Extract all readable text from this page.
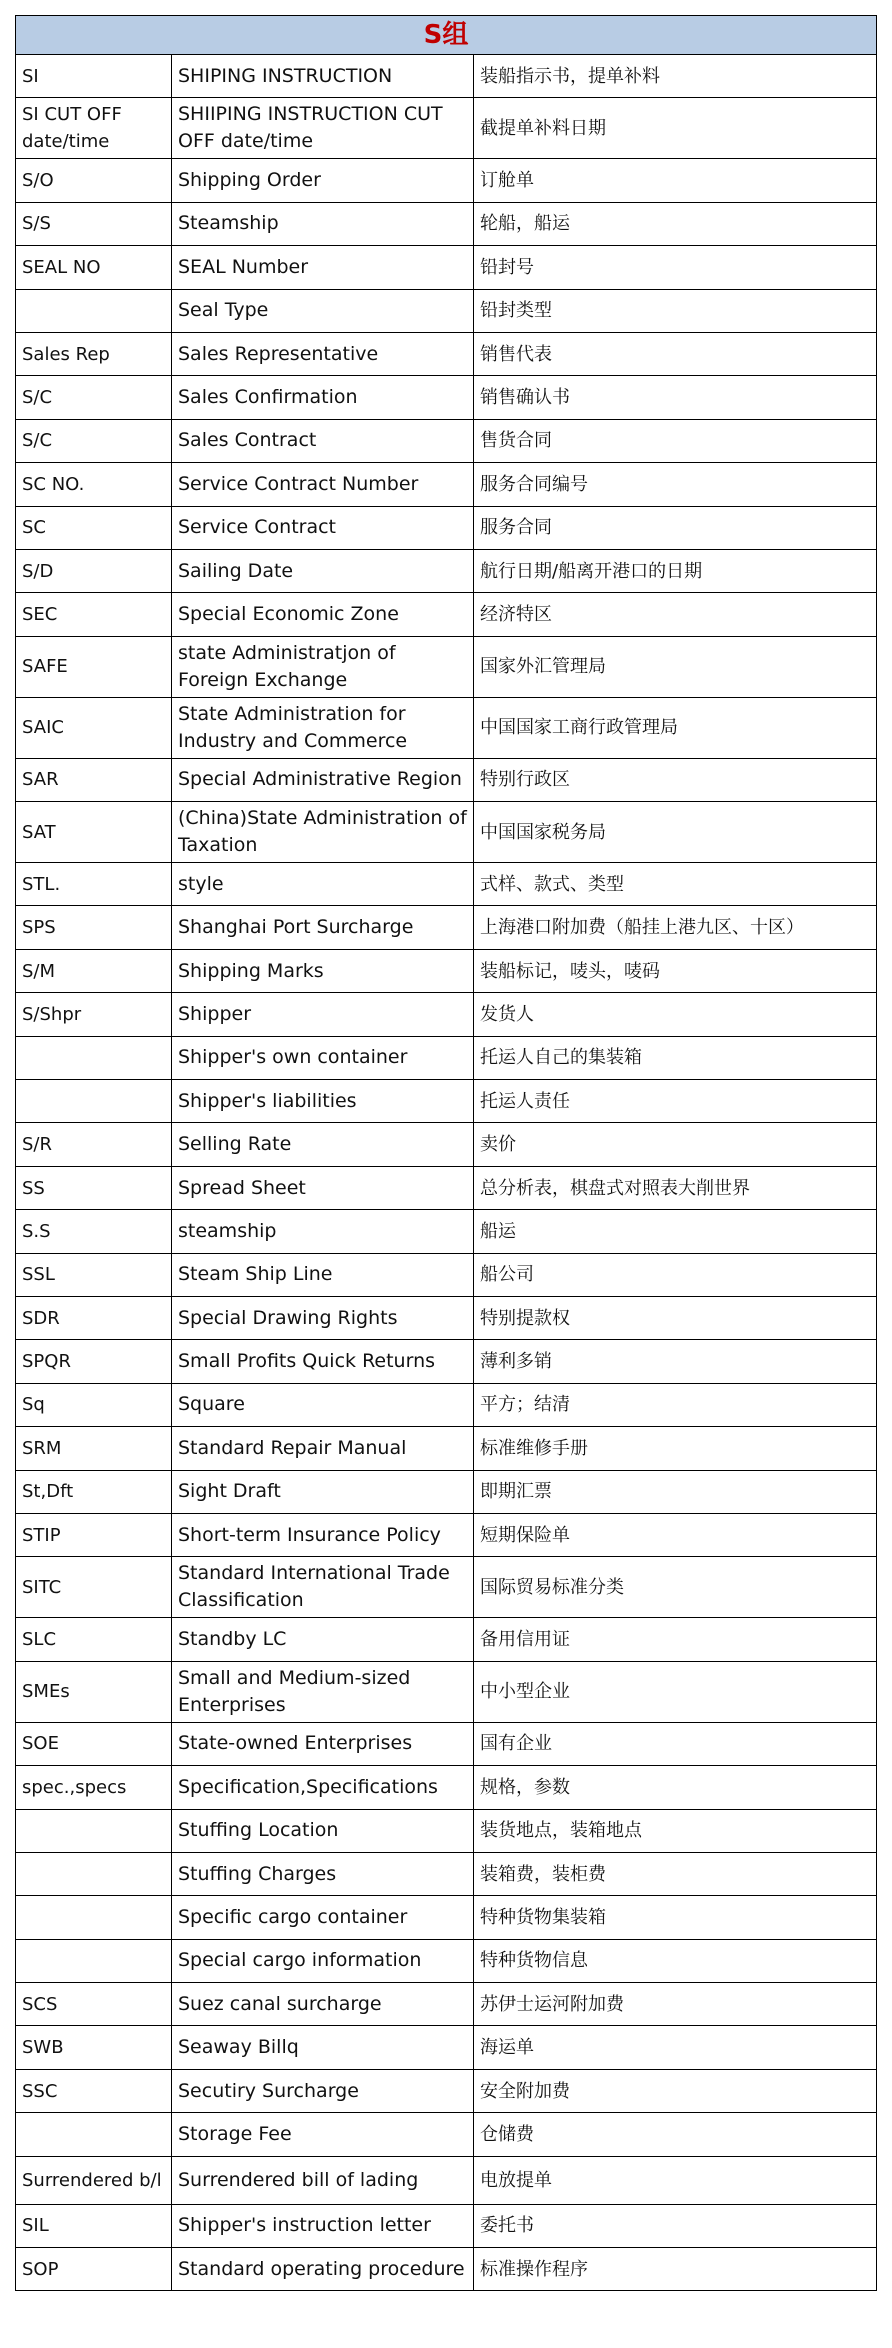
S组		
SI	SHIPING INSTRUCTION	装船指示书，提单补料
SI CUT OFF date/time	SHIIPING INSTRUCTION CUT OFF date/time	截提单补料日期
S/O	Shipping Order	订舱单
S/S	Steamship	轮船，船运
SEAL NO	SEAL Number	铅封号
	Seal Type	铅封类型
Sales Rep	Sales Representative	销售代表
S/C	Sales Confirmation	销售确认书
S/C	Sales Contract	售货合同
SC NO.	Service Contract Number	服务合同编号
SC	Service Contract	服务合同
S/D	Sailing Date	航行日期/船离开港口的日期
SEC	Special Economic Zone	经济特区
SAFE	state Administratjon of Foreign Exchange	国家外汇管理局
SAIC	State Administration for Industry and Commerce	中国国家工商行政管理局
SAR	Special Administrative Region	特别行政区
SAT	(China)State Administration of Taxation	中国国家税务局
STL.	style	式样、款式、类型
SPS	Shanghai Port Surcharge	上海港口附加费（船挂上港九区、十区）
S/M	Shipping Marks	装船标记，唛头，唛码
S/Shpr	Shipper	发货人
	Shipper's own container	托运人自己的集装箱
	Shipper's liabilities	托运人责任
S/R	Selling Rate	卖价
SS	Spread Sheet	总分析表，棋盘式对照表大削世界
S.S	steamship	船运
SSL	Steam Ship Line	船公司
SDR	Special Drawing Rights	特别提款权
SPQR	Small Profits Quick Returns	薄利多销
Sq	Square	平方；结清
SRM	Standard Repair Manual	标准维修手册
St,Dft	Sight Draft	即期汇票
STIP	Short-term Insurance Policy	短期保险单
SITC	Standard International Trade Classification	国际贸易标准分类
SLC	Standby LC	备用信用证
SMEs	Small and Medium-sized Enterprises	中小型企业
SOE	State-owned Enterprises	国有企业
spec.,specs	Specification,Specifications	规格，参数
	Stuffing Location	装货地点，装箱地点
	Stuffing Charges	装箱费，装柜费
	Specific cargo container	特种货物集装箱
	Special cargo information	特种货物信息
SCS	Suez canal surcharge	苏伊士运河附加费
SWB	Seaway Billq	海运单
SSC	Secutiry Surcharge	安全附加费
	Storage Fee	仓储费
Surrendered b/l	Surrendered bill of lading	电放提单
SIL	Shipper's instruction letter	委托书
SOP	Standard operating procedure	标准操作程序
